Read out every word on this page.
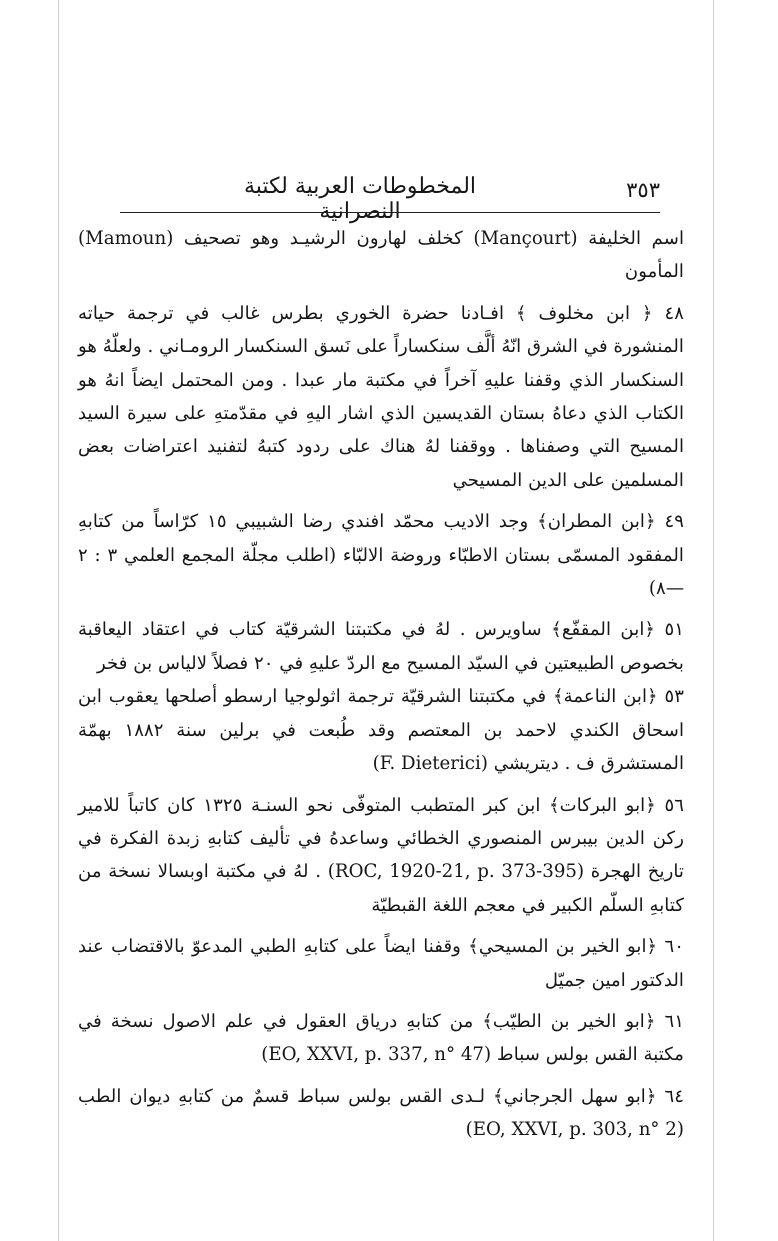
٣٥٣
المخطوطات العربية لكتبة النصرانية

اسم الخليفة (Mançourt) كخلف لهارون الرشيـد وهو تصحيف (Mamoun) المأمون

٤٨ ﴿ ابن مخلوف ﴾ افـادنا حضرة الخوري بطرس غالب في ترجمة حياته المنشورة في الشرق انّهُ ألَّف سنكساراً على نَسق السنكسار الرومـاني . ولعلّهُ هو السنكسار الذي وقفنا عليهِ آخراً في مكتبة مار عبدا . ومن المحتمل ايضاً انهُ هو الكتاب الذي دعاهُ بستان القديسين الذي اشار اليهِ في مقدّمتهِ على سيرة السيد المسيح التي وصفناها . ووقفنا لهُ هناك على ردود كتبهُ لتفنيد اعتراضات بعض المسلمين على الدين المسيحي

٤٩ ﴿ابن المطران﴾ وجد الاديب محمّد افندي رضا الشبيبي ١٥ كرّاساً من كتابهِ المفقود المسمّى بستان الاطبّاء وروضة الالبّاء (اطلب مجلّة المجمع العلمي ٣ : ٢—٨)

٥١ ﴿ابن المقفّع﴾ ساويرس . لهُ في مكتبتنا الشرقيّة كتاب في اعتقاد اليعاقبة بخصوص الطبيعتين في السيّد المسيح مع الردّ عليهِ في ٢٠ فصلاً لالياس بن فخر

٥٣ ﴿ابن الناعمة﴾ في مكتبتنا الشرقيّة ترجمة اثولوجيا ارسطو أصلحها يعقوب ابن اسحاق الكندي لاحمد بن المعتصم وقد طُبعت في برلين سنة ١٨٨٢ بهمّة المستشرق ف . ديتريشي (F. Dieterici)

٥٦ ﴿ابو البركات﴾ ابن كبر المتطبب المتوفّى نحو السنـة ١٣٢٥ كان كاتباً للامير ركن الدين بيبرس المنصوري الخطائي وساعدهُ في تأليف كتابهِ زبدة الفكرة في تاريخ الهجرة (ROC, 1920-21, p. 373-395) . لهُ في مكتبة اوبسالا نسخة من كتابهِ السلّم الكبير في معجم اللغة القبطيّة

٦٠ ﴿ابو الخير بن المسيحي﴾ وقفنا ايضاً على كتابهِ الطبي المدعوّ بالاقتضاب عند الدكتور امين جميّل

٦١ ﴿ابو الخير بن الطيّب﴾ من كتابهِ درياق العقول في علم الاصول نسخة في مكتبة القس بولس سباط (EO, XXVI, p. 337, n° 47)

٦٤ ﴿ابو سهل الجرجاني﴾ لـدى القس بولس سباط قسمٌ من كتابهِ ديوان الطب (EO, XXVI, p. 303, n° 2)
